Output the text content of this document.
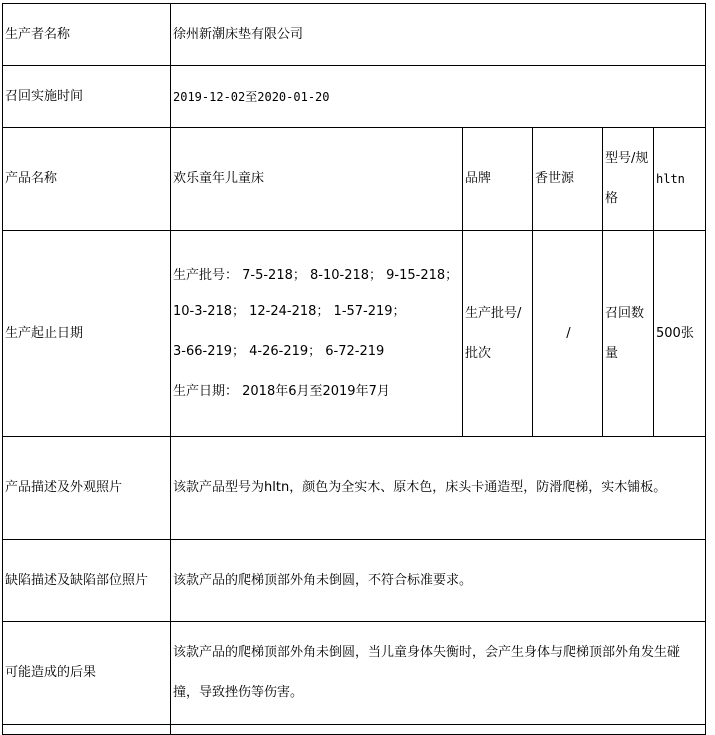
生产者名称	徐州新潮床垫有限公司				
召回实施时间	2019-12-02至2020-01-20				
产品名称	欢乐童年儿童床	品牌	香世源	型号/规格	hltn
生产起止日期	生产批号： 7-5-218； 8-10-218； 9-15-218；

10-3-218； 12-24-218； 1-57-219；

3-66-219； 4-26-219； 6-72-219

生产日期： 2018年6月至2019年7月	生产批号/批次	/	召回数量	500张
产品描述及外观照片	该款产品型号为hltn，颜色为全实木、原木色，床头卡通造型，防滑爬梯，实木铺板。				
缺陷描述及缺陷部位照片	该款产品的爬梯顶部外角未倒圆，不符合标准要求。				
可能造成的后果	该款产品的爬梯顶部外角未倒圆，当儿童身体失衡时，会产生身体与爬梯顶部外角发生碰撞，导致挫伤等伤害。				
